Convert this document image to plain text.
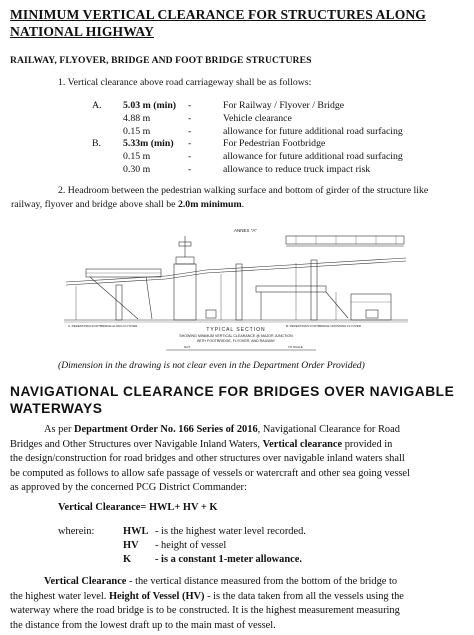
MINIMUM VERTICAL CLEARANCE FOR STRUCTURES ALONG
NATIONAL HIGHWAY
RAILWAY, FLYOVER, BRIDGE AND FOOT BRIDGE STRUCTURES
1. Vertical clearance above road carriageway shall be as follows:
A. 5.03 m (min) -	For Railway / Flyover / Bridge
4.88 m	-	Vehicle clearance
0.15 m	-	allowance for future additional road surfacing
B. 5.33m (min) -	For Pedestrian Footbridge
0.15 m	-	allowance for future additional road surfacing
0.30 m	-	allowance to reduce truck impact risk
2. Headroom between the pedestrian walking surface and bottom of girder of the structure like
railway, flyover and bridge above shall be 2.0m minimum.
ANNEX "A"
A. PEDESTRIAN FOOTBRIDGE ALONG FLYOVER	B. PEDESTRIAN FOOTBRIDGE CROSSING FLYOVER
TYPICAL SECTION
SHOWING MINIMUM VERTICAL CLEARANCE @ MAJOR JUNCTION
WITH FOOTBRIDGE, FLYOVER, AND RAILWAY
NOT	TO SCALE
(Dimension in the drawing is not clear even in the Department Order Provided)
NAVIGATIONAL CLEARANCE FOR BRIDGES OVER NAVIGABLE
WATERWAYS
As per Department Order No. 166 Series of 2016, Navigational Clearance for Road
Bridges and Other Structures over Navigable Inland Waters, Vertical clearance provided in
the design/construction for road bridges and other structures over navigable inland waters shall
be computed as follows to allow safe passage of vessels or watercraft and other sea going vessel
as approved by the concerned PCG District Commander:
Vertical Clearance= HWL+ HV + K
wherein:	HWL - is the highest water level recorded.
HV - height of vessel
K - is a constant 1-meter allowance.
Vertical Clearance - the vertical distance measured from the bottom of the bridge to
the highest water level. Height of Vessel (HV) - is the data taken from all the vessels using the
waterway where the road bridge is to be constructed. It is the highest measurement measuring
the distance from the lowest draft up to the main mast of vessel.
